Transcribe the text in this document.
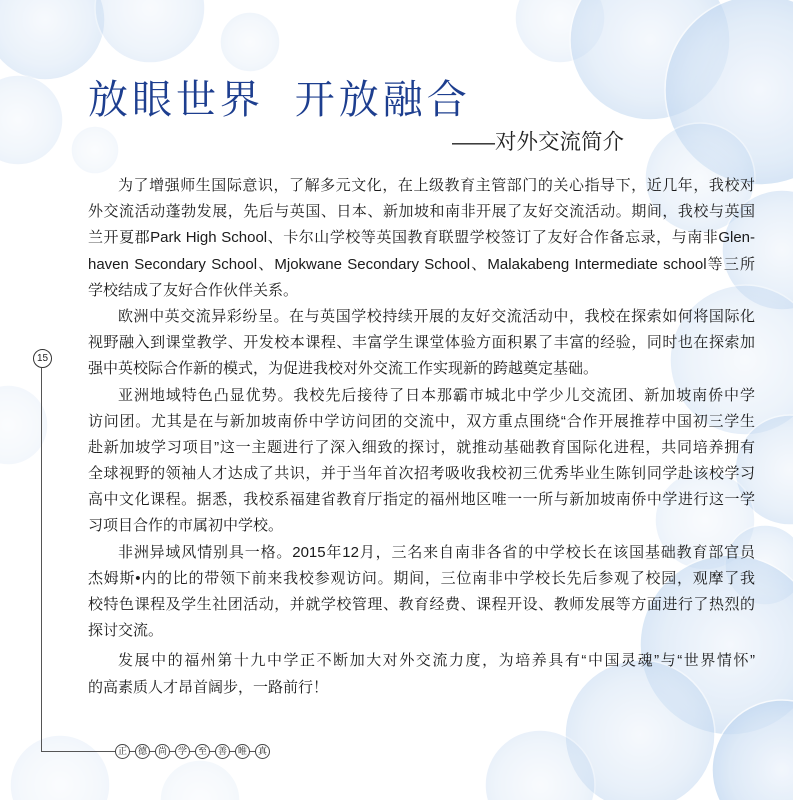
放眼世界 开放融合
——对外交流简介
为了增强师生国际意识，了解多元文化，在上级教育主管部门的关心指导下，近几年，我校对
外交流活动蓬勃发展，先后与英国、日本、新加坡和南非开展了友好交流活动。期间，我校与英国
兰开夏郡Park High School、卡尔山学校等英国教育联盟学校签订了友好合作备忘录，与南非Glen-
haven Secondary School、Mjokwane Secondary School、Malakabeng Intermediate school等三所
学校结成了友好合作伙伴关系。
欧洲中英交流异彩纷呈。在与英国学校持续开展的友好交流活动中，我校在探索如何将国际化
视野融入到课堂教学、开发校本课程、丰富学生课堂体验方面积累了丰富的经验，同时也在探索加
强中英校际合作新的模式，为促进我校对外交流工作实现新的跨越奠定基础。
亚洲地域特色凸显优势。我校先后接待了日本那霸市城北中学少儿交流团、新加坡南侨中学
访问团。尤其是在与新加坡南侨中学访问团的交流中，双方重点围绕“合作开展推荐中国初三学生
赴新加坡学习项目”这一主题进行了深入细致的探讨，就推动基础教育国际化进程，共同培养拥有
全球视野的领袖人才达成了共识，并于当年首次招考吸收我校初三优秀毕业生陈钊同学赴该校学习
高中文化课程。据悉，我校系福建省教育厅指定的福州地区唯一一所与新加坡南侨中学进行这一学
习项目合作的市属初中学校。
非洲异域风情别具一格。2015年12月，三名来自南非各省的中学校长在该国基础教育部官员
杰姆斯•内的比的带领下前来我校参观访问。期间，三位南非中学校长先后参观了校园，观摩了我
校特色课程及学生社团活动，并就学校管理、教育经费、课程开设、教师发展等方面进行了热烈的
探讨交流。
发展中的福州第十九中学正不断加大对外交流力度，为培养具有“中国灵魂”与“世界情怀”
的高素质人才昂首阔步，一路前行！
15
正	德	尚	学	至	善	唯	真
